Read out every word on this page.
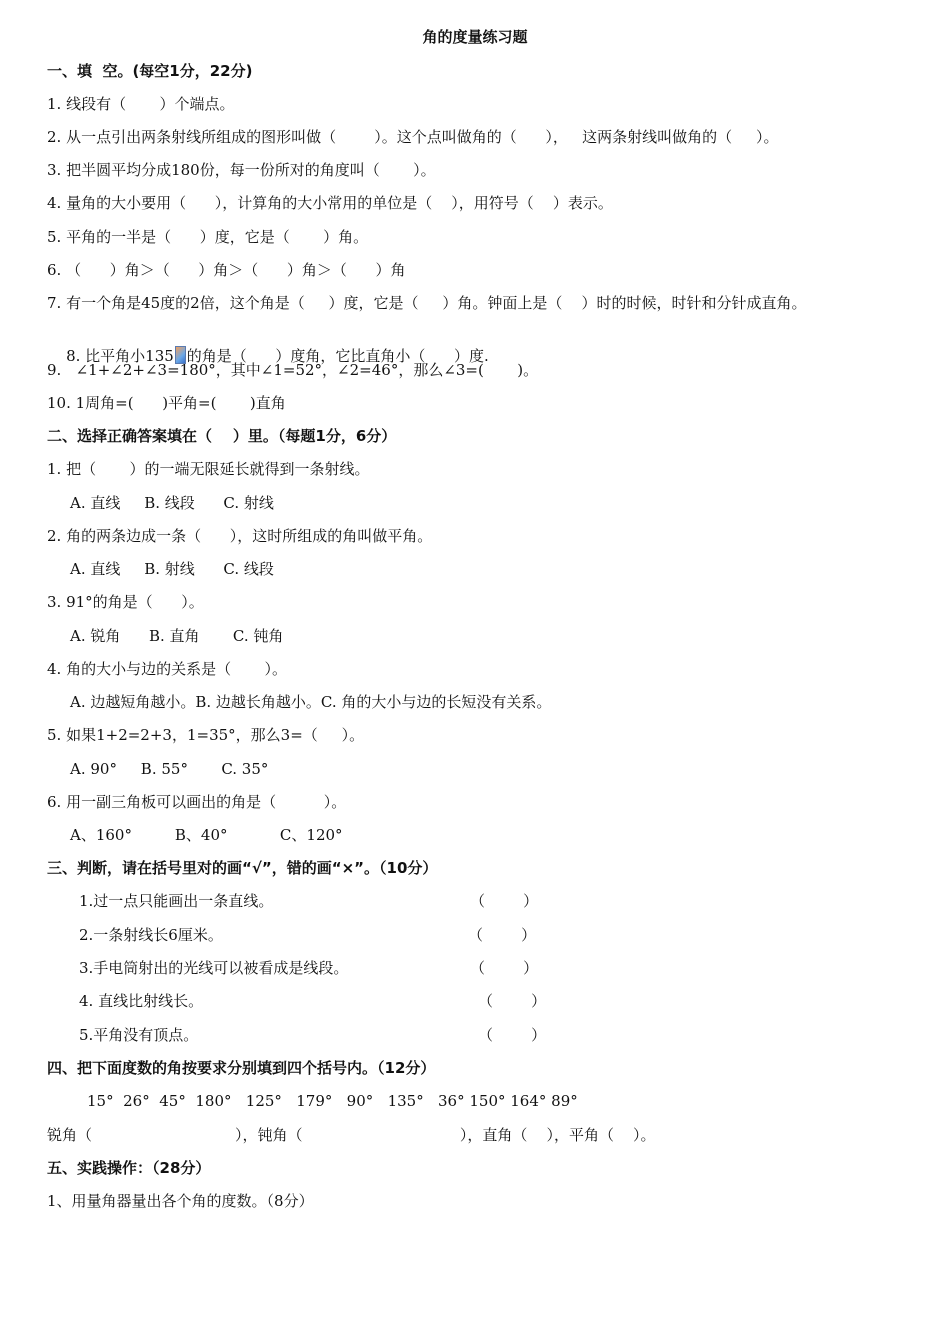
角的度量练习题
一、填  空。(每空1分，22分)
1. 线段有（       ）个端点。
2. 从一点引出两条射线所组成的图形叫做（        ）。这个点叫做角的（      ），   这两条射线叫做角的（     ）。
3. 把半圆平均分成180份，每一份所对的角度叫（       ）。
4. 量角的大小要用（      ），计算角的大小常用的单位是（    ），用符号（    ）表示。
5. 平角的一半是（      ）度，它是（       ）角。
6. （      ）角＞（      ）角＞（      ）角＞（      ）角
7. 有一个角是45度的2倍，这个角是（     ）度，它是（     ）角。钟面上是（    ）时的时候，时针和分针成直角。

8. 比平角小135 的角是（      ）度角，它比直角小（      ）度.

9.   ∠1+∠2+∠3=180°，其中∠1=52°，∠2=46°，那么∠3=(       )。
10. 1周角=(      )平角=(       )直角
二、选择正确答案填在（    ）里。（每题1分，6分）
1. 把（       ）的一端无限延长就得到一条射线。
A. 直线     B. 线段      C. 射线
2. 角的两条边成一条（      ），这时所组成的角叫做平角。
A. 直线     B. 射线      C. 线段
3. 91°的角是（      ）。
A. 锐角      B. 直角       C. 钝角
4. 角的大小与边的关系是（       ）。
A. 边越短角越小。B. 边越长角越小。C. 角的大小与边的长短没有关系。
5. 如果1+2=2+3，1=35°，那么3=（     ）。
A. 90°     B. 55°       C. 35°
6. 用一副三角板可以画出的角是（          ）。
A、160°         B、40°           C、120°
三、判断，请在括号里对的画“√”，错的画“×”。（10分）
1.过一点只能画出一条直线。	（        ）
2.一条射线长6厘米。	（        ）
3.手电筒射出的光线可以被看成是线段。	（        ）
4. 直线比射线长。	（        ）
5.平角没有顶点。	（        ）
四、把下面度数的角按要求分别填到四个括号内。（12分）
15°  26°  45°  180°   125°   179°   90°   135°   36° 150° 164° 89°
锐角（                              ），钝角（                                 ），直角（    ），平角（    ）。
五、实践操作：（28分）
1、用量角器量出各个角的度数。（8分）
